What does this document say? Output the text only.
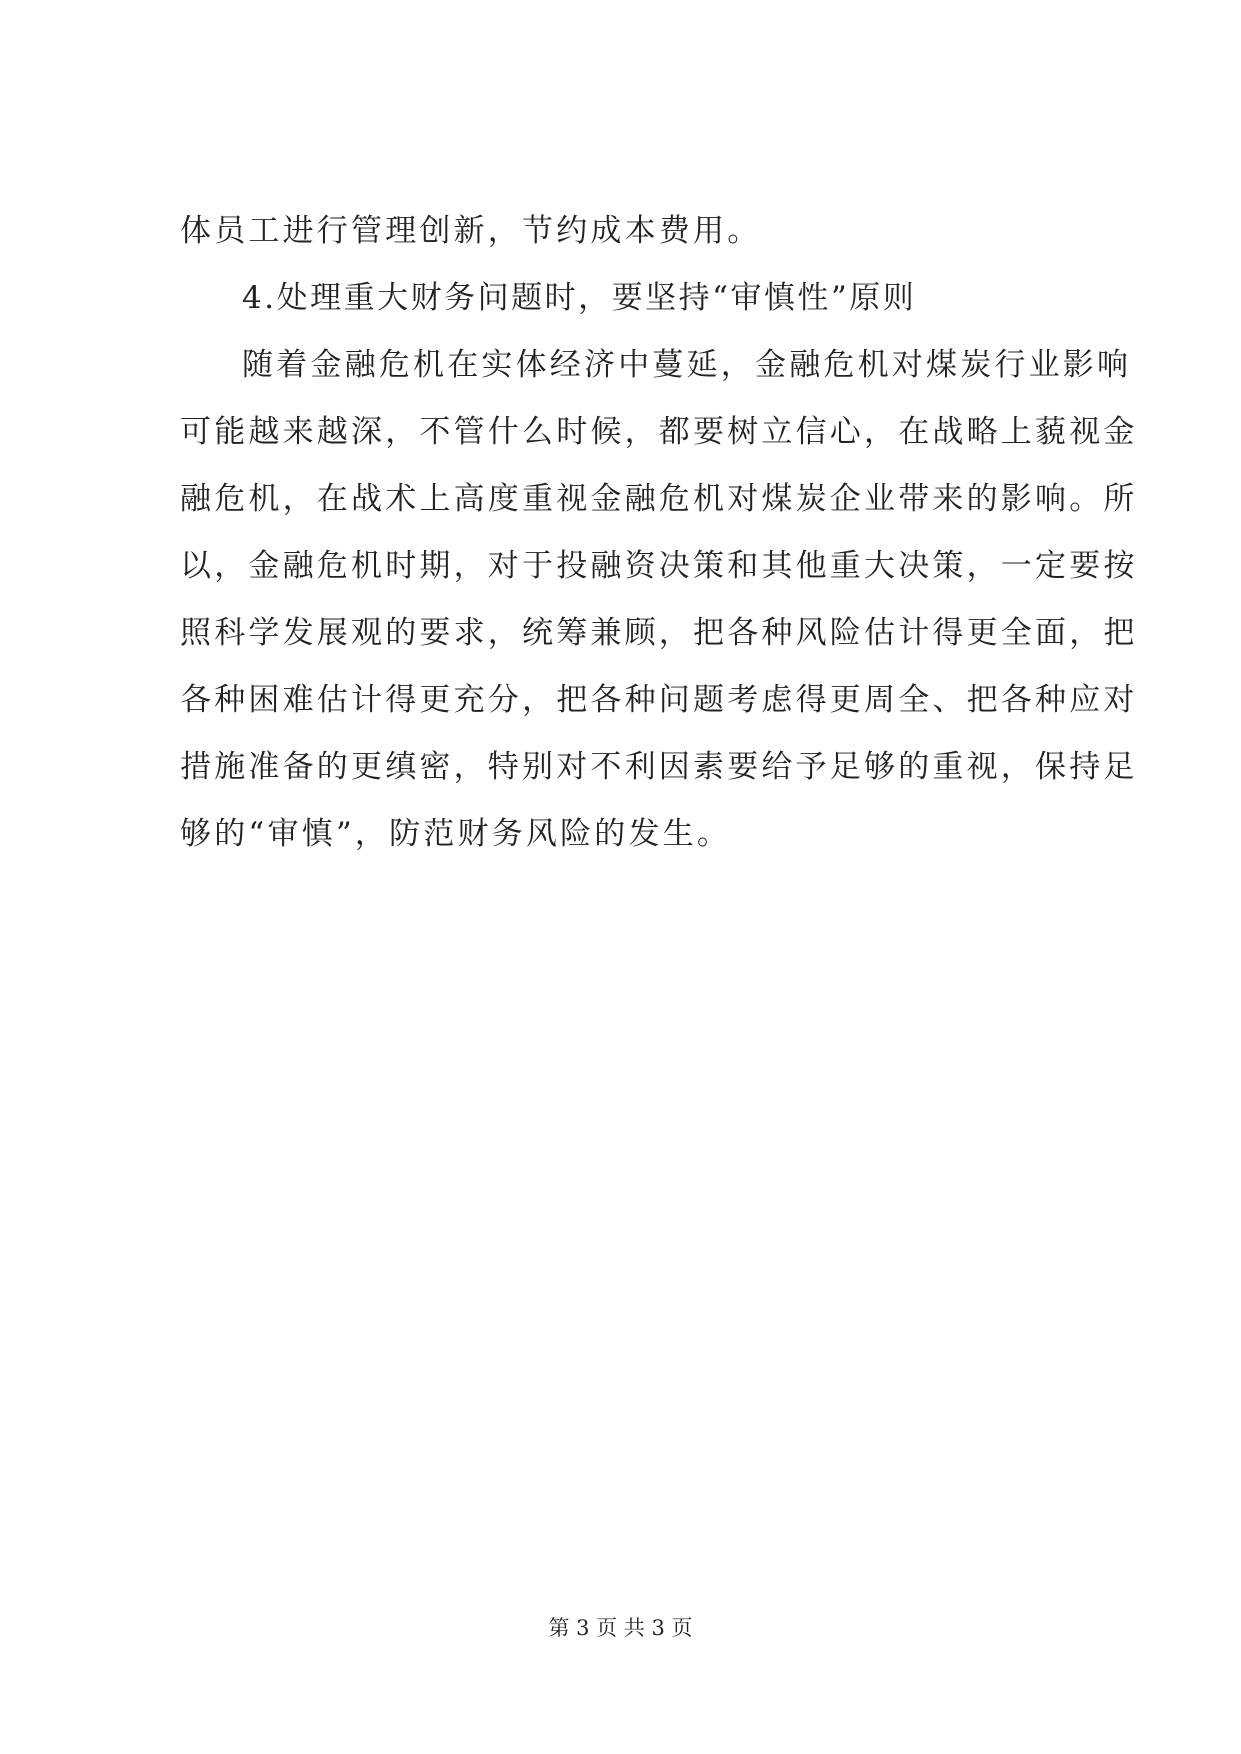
体员工进行管理创新，节约成本费用。
4.处理重大财务问题时，要坚持“审慎性”原则
随着金融危机在实体经济中蔓延，金融危机对煤炭行业影响
可能越来越深，不管什么时候，都要树立信心，在战略上藐视金
融危机，在战术上高度重视金融危机对煤炭企业带来的影响。所
以，金融危机时期，对于投融资决策和其他重大决策，一定要按
照科学发展观的要求，统筹兼顾，把各种风险估计得更全面，把
各种困难估计得更充分，把各种问题考虑得更周全、把各种应对
措施准备的更缜密，特别对不利因素要给予足够的重视，保持足
够的“审慎”，防范财务风险的发生。
第 3 页 共 3 页
